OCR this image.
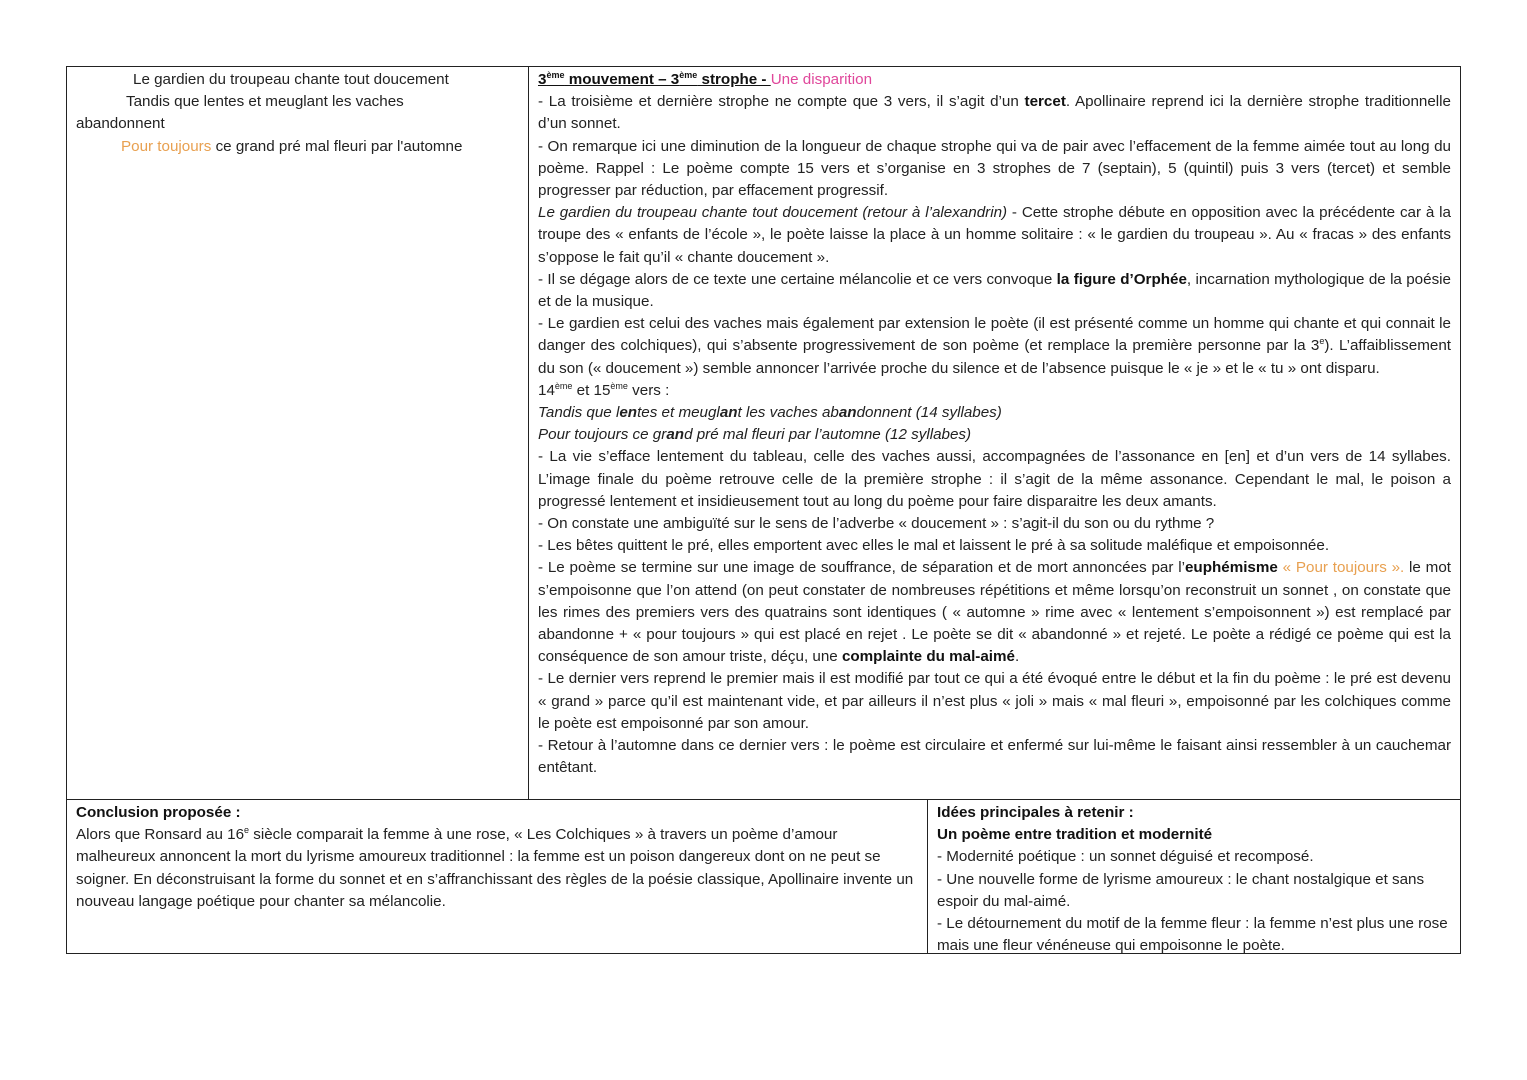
Le gardien du troupeau chante tout doucement
Tandis que lentes et meuglant les vaches
abandonnent
Pour toujours ce grand pré mal fleuri par l'automne
3ème mouvement – 3ème strophe - Une disparition
- La troisième et dernière strophe ne compte que 3 vers, il s’agit d’un tercet. Apollinaire reprend ici la dernière strophe traditionnelle d’un sonnet.
- On remarque ici une diminution de la longueur de chaque strophe qui va de pair avec l’effacement de la femme aimée tout au long du poème. Rappel : Le poème compte 15 vers et s’organise en 3 strophes de 7 (septain), 5 (quintil) puis 3 vers (tercet) et semble progresser par réduction, par effacement progressif.
Le gardien du troupeau chante tout doucement (retour à l’alexandrin) - Cette strophe débute en opposition avec la précédente car à la troupe des « enfants de l’école », le poète laisse la place à un homme solitaire : « le gardien du troupeau ». Au « fracas » des enfants s’oppose le fait qu’il « chante doucement ».
- Il se dégage alors de ce texte une certaine mélancolie et ce vers convoque la figure d’Orphée, incarnation mythologique de la poésie et de la musique.
- Le gardien est celui des vaches mais également par extension le poète (il est présenté comme un homme qui chante et qui connait le danger des colchiques), qui s’absente progressivement de son poème (et remplace la première personne par la 3e). L’affaiblissement du son (« doucement ») semble annoncer l’arrivée proche du silence et de l’absence puisque le « je » et le « tu » ont disparu.
14ème et 15ème vers :
Tandis que lentes et meuglant les vaches abandonnent (14 syllabes)
Pour toujours ce grand pré mal fleuri par l’automne (12 syllabes)
- La vie s’efface lentement du tableau, celle des vaches aussi, accompagnées de l’assonance en [en] et d’un vers de 14 syllabes. L’image finale du poème retrouve celle de la première strophe : il s’agit de la même assonance. Cependant le mal, le poison a progressé lentement et insidieusement tout au long du poème pour faire disparaitre les deux amants.
- On constate une ambiguïté sur le sens de l’adverbe « doucement » : s’agit-il du son ou du rythme ?
- Les bêtes quittent le pré, elles emportent avec elles le mal et laissent le pré à sa solitude maléfique et empoisonnée.
- Le poème se termine sur une image de souffrance, de séparation et de mort annoncées par l’euphémisme « Pour toujours ». le mot s’empoisonne que l’on attend (on peut constater de nombreuses répétitions et même lorsqu’on reconstruit un sonnet , on constate que les rimes des premiers vers des quatrains sont identiques ( « automne » rime avec « lentement s’empoisonnent ») est remplacé par abandonne + « pour toujours » qui est placé en rejet . Le poète se dit « abandonné » et rejeté. Le poète a rédigé ce poème qui est la conséquence de son amour triste, déçu, une complainte du mal-aimé.
- Le dernier vers reprend le premier mais il est modifié par tout ce qui a été évoqué entre le début et la fin du poème : le pré est devenu « grand » parce qu’il est maintenant vide, et par ailleurs il n’est plus « joli » mais « mal fleuri », empoisonné par les colchiques comme le poète est empoisonné par son amour.
- Retour à l’automne dans ce dernier vers : le poème est circulaire et enfermé sur lui-même le faisant ainsi ressembler à un cauchemar entêtant.
Conclusion proposée :
Alors que Ronsard au 16e siècle comparait la femme à une rose, « Les Colchiques » à travers un poème d’amour malheureux annoncent la mort du lyrisme amoureux traditionnel : la femme est un poison dangereux dont on ne peut se soigner. En déconstruisant la forme du sonnet et en s’affranchissant des règles de la poésie classique, Apollinaire invente un nouveau langage poétique pour chanter sa mélancolie.
Idées principales à retenir :
Un poème entre tradition et modernité
- Modernité poétique : un sonnet déguisé et recomposé.
- Une nouvelle forme de lyrisme amoureux : le chant nostalgique et sans espoir du mal-aimé.
- Le détournement du motif de la femme fleur : la femme n’est plus une rose mais une fleur vénéneuse qui empoisonne le poète.
